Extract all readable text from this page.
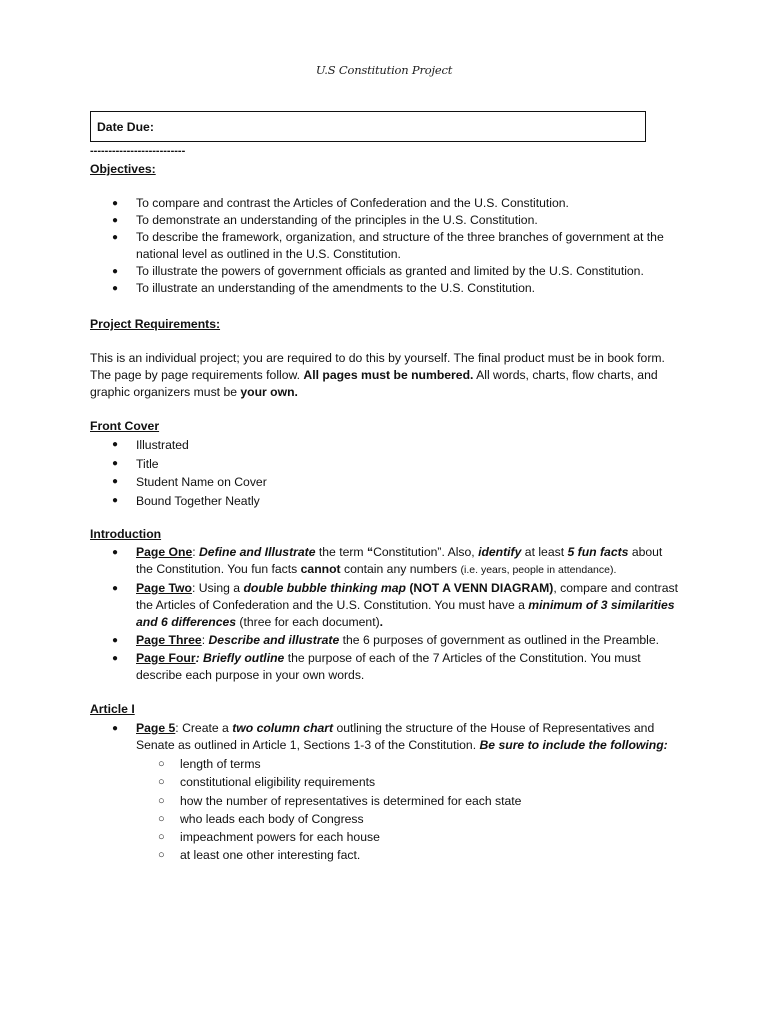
U.S Constitution Project
Date Due:
--------------------------
Objectives:
● To compare and contrast the Articles of Confederation and the U.S. Constitution.
● To demonstrate an understanding of the principles in the U.S. Constitution.
● To describe the framework, organization, and structure of the three branches of government at the national level as outlined in the U.S. Constitution.
● To illustrate the powers of government officials as granted and limited by the U.S. Constitution.
● To illustrate an understanding of the amendments to the U.S. Constitution.
Project Requirements:
This is an individual project; you are required to do this by yourself. The final product must be in book form. The page by page requirements follow. All pages must be numbered. All words, charts, flow charts, and graphic organizers must be your own.
Front Cover
● Illustrated
● Title
● Student Name on Cover
● Bound Together Neatly
Introduction
● Page One: Define and Illustrate the term “Constitution”. Also, identify at least 5 fun facts about the Constitution. You fun facts cannot contain any numbers (i.e. years, people in attendance).
● Page Two: Using a double bubble thinking map (NOT A VENN DIAGRAM), compare and contrast the Articles of Confederation and the U.S. Constitution. You must have a minimum of 3 similarities and 6 differences (three for each document).
● Page Three: Describe and illustrate the 6 purposes of government as outlined in the Preamble.
● Page Four: Briefly outline the purpose of each of the 7 Articles of the Constitution. You must describe each purpose in your own words.
Article I
● Page 5: Create a two column chart outlining the structure of the House of Representatives and Senate as outlined in Article 1, Sections 1-3 of the Constitution. Be sure to include the following:
○ length of terms
○ constitutional eligibility requirements
○ how the number of representatives is determined for each state
○ who leads each body of Congress
○ impeachment powers for each house
○ at least one other interesting fact.
